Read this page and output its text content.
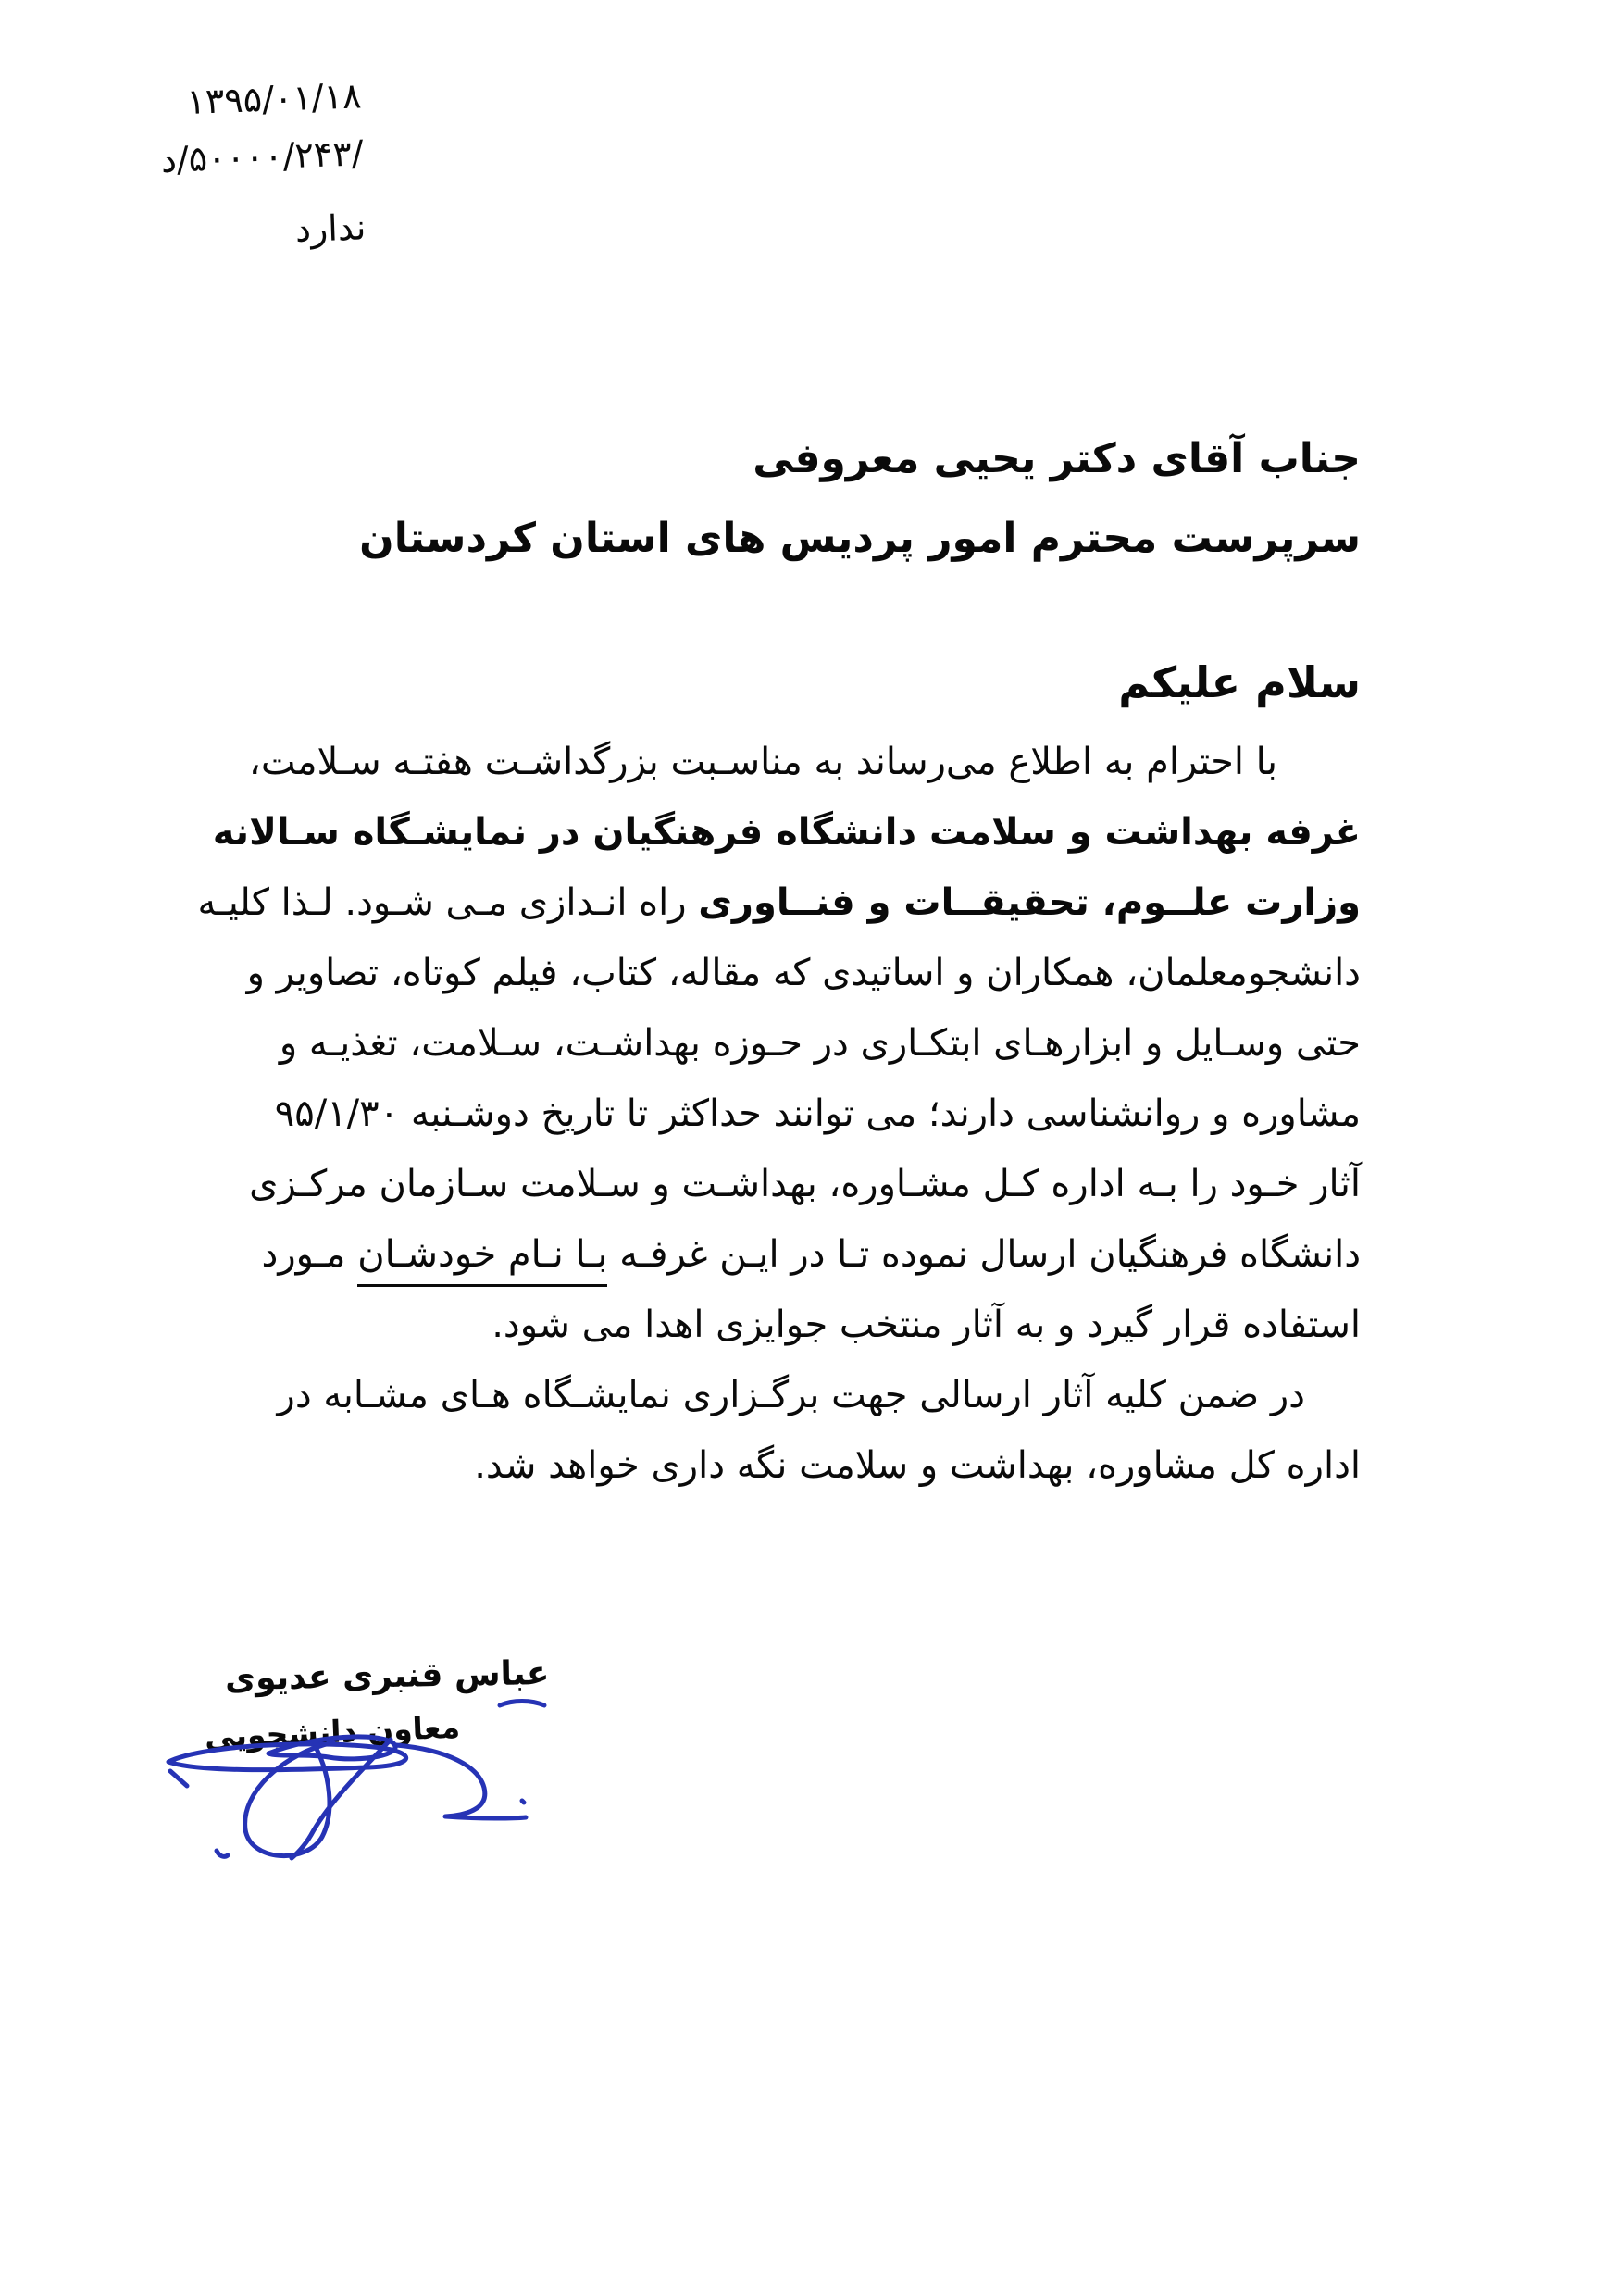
۱۳۹۵/۰۱/۱۸
د/۵۰۰۰۰/۲۴۳/
ندارد
جناب آقای دکتر یحیی معروفی
سرپرست محترم امور پردیس های استان کردستان
سلام علیکم
با احترام به اطلاع می‌رساند به مناسـبت بزرگداشـت هفتـه سـلامت،
غرفه بهداشت و سلامت دانشگاه فرهنگیان در نمایشـگاه سـالانه
وزارت علــوم، تحقیقــات و فنــاوری راه انـدازی مـی شـود. لـذا کلیـه
دانشجومعلمان، همکاران و اساتیدی که مقاله، کتاب، فیلم کوتاه، تصاویر و
حتی وسـایل و ابزارهـای ابتکـاری در حـوزه بهداشـت، سـلامت، تغذیـه و
مشاوره و روانشناسی دارند؛ می توانند حداکثر تا تاریخ دوشـنبه ۹۵/۱/۳۰
آثار خـود را بـه اداره کـل مشـاوره، بهداشـت و سـلامت سـازمان مرکـزی
دانشگاه فرهنگیان ارسال نموده تـا در ایـن غرفـه بـا نـام خودشـان مـورد
استفاده قرار گیرد و به آثار منتخب جوایزی اهدا می شود.
در ضمن کلیه آثار ارسالی جهت برگـزاری نمایشـگاه هـای مشـابه در
اداره کل مشاوره، بهداشت و سلامت نگه داری خواهد شد.
عباس قنبری عدیوی
معاون دانشجویی
